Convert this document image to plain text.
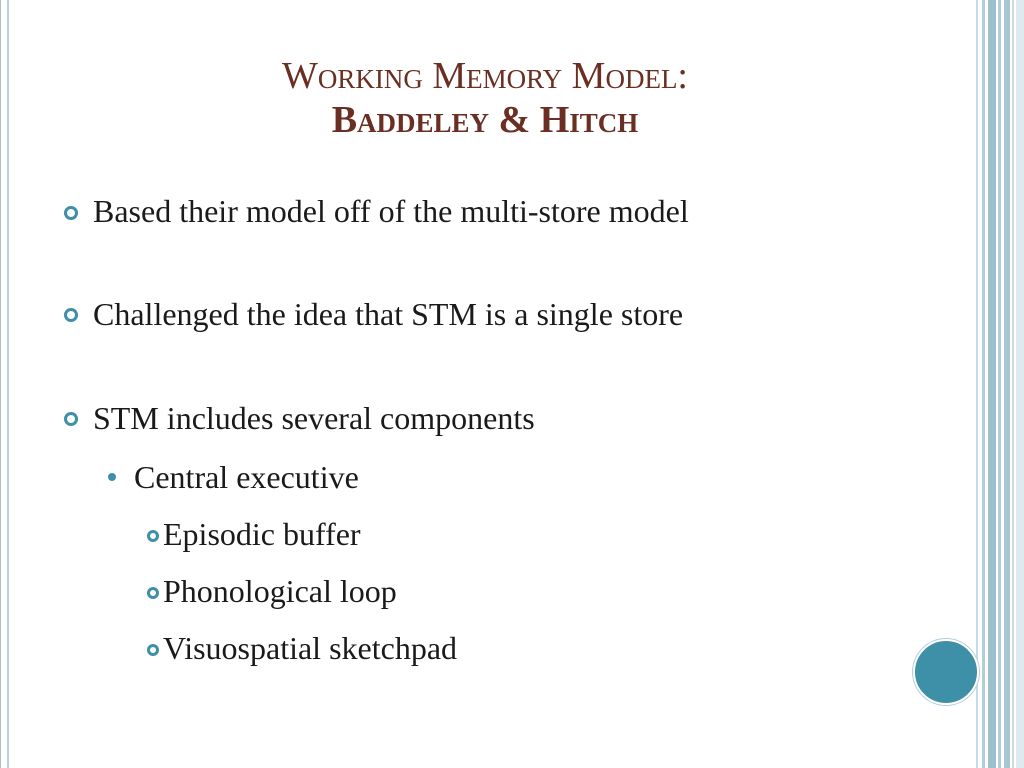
Working Memory Model:
Baddeley & Hitch
Based their model off of the multi-store model
Challenged the idea that STM is a single store
STM includes several components
Central executive
Episodic buffer
Phonological loop
Visuospatial sketchpad
